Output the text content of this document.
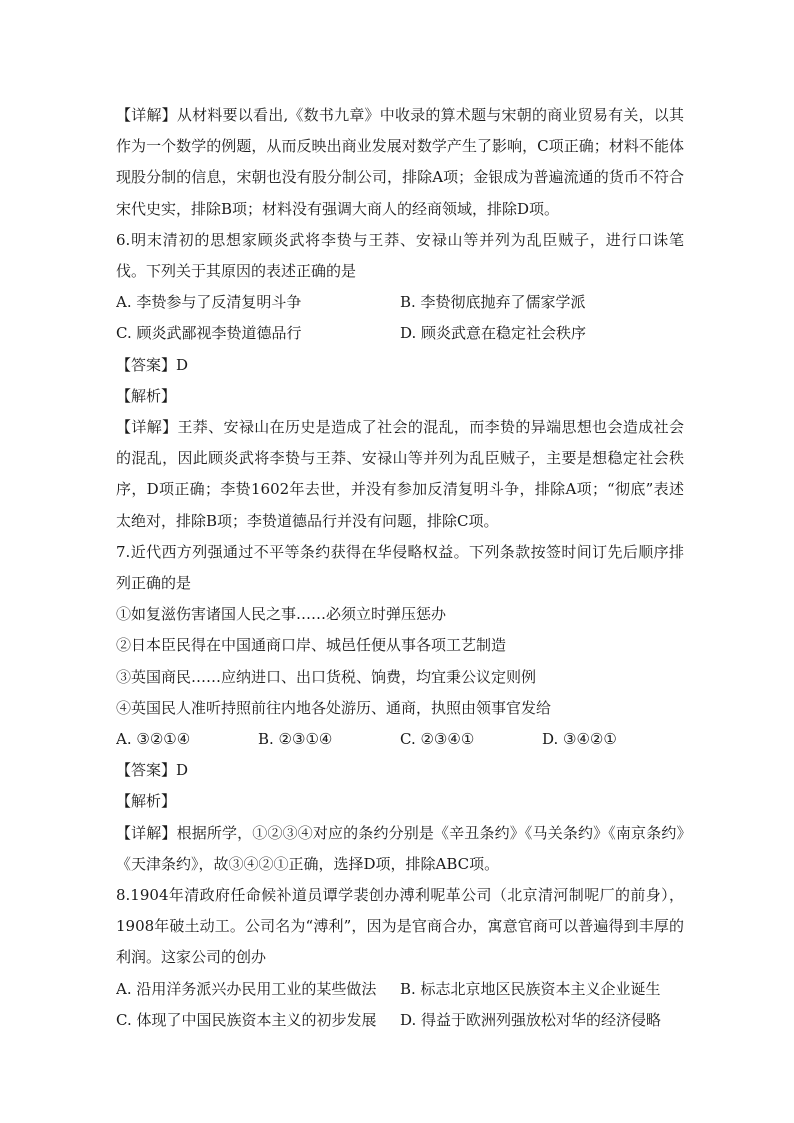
【详解】从材料要以看出,《数书九章》中收录的算术题与宋朝的商业贸易有关，以其作为一个数学的例题，从而反映出商业发展对数学产生了影响，C项正确；材料不能体现股分制的信息，宋朝也没有股分制公司，排除A项；金银成为普遍流通的货币不符合宋代史实，排除B项；材料没有强调大商人的经商领域，排除D项。
6.明末清初的思想家顾炎武将李贽与王莽、安禄山等并列为乱臣贼子，进行口诛笔伐。下列关于其原因的表述正确的是
A. 李贽参与了反清复明斗争	B. 李贽彻底抛弃了儒家学派
C. 顾炎武鄙视李贽道德品行	D. 顾炎武意在稳定社会秩序
【答案】D
【解析】
【详解】王莽、安禄山在历史是造成了社会的混乱，而李贽的异端思想也会造成社会的混乱，因此顾炎武将李贽与王莽、安禄山等并列为乱臣贼子，主要是想稳定社会秩序，D项正确；李贽1602年去世，并没有参加反清复明斗争，排除A项；“彻底”表述太绝对，排除B项；李贽道德品行并没有问题，排除C项。
7.近代西方列强通过不平等条约获得在华侵略权益。下列条款按签时间订先后顺序排列正确的是
①如复滋伤害诸国人民之事……必须立时弹压惩办
②日本臣民得在中国通商口岸、城邑任便从事各项工艺制造
③英国商民……应纳进口、出口货税、饷费，均宜秉公议定则例
④英国民人准听持照前往内地各处游历、通商，执照由领事官发给
A. ③②①④	B. ②③①④	C. ②③④①	D. ③④②①
【答案】D
【解析】
【详解】根据所学，①②③④对应的条约分别是《辛丑条约》《马关条约》《南京条约》《天津条约》，故③④②①正确，选择D项，排除ABC项。
8.1904年清政府任命候补道员谭学裴创办溥利呢革公司（北京清河制呢厂的前身），1908年破土动工。公司名为“溥利”，因为是官商合办，寓意官商可以普遍得到丰厚的利润。这家公司的创办
A. 沿用洋务派兴办民用工业的某些做法	B. 标志北京地区民族资本主义企业诞生
C. 体现了中国民族资本主义的初步发展	D. 得益于欧洲列强放松对华的经济侵略
